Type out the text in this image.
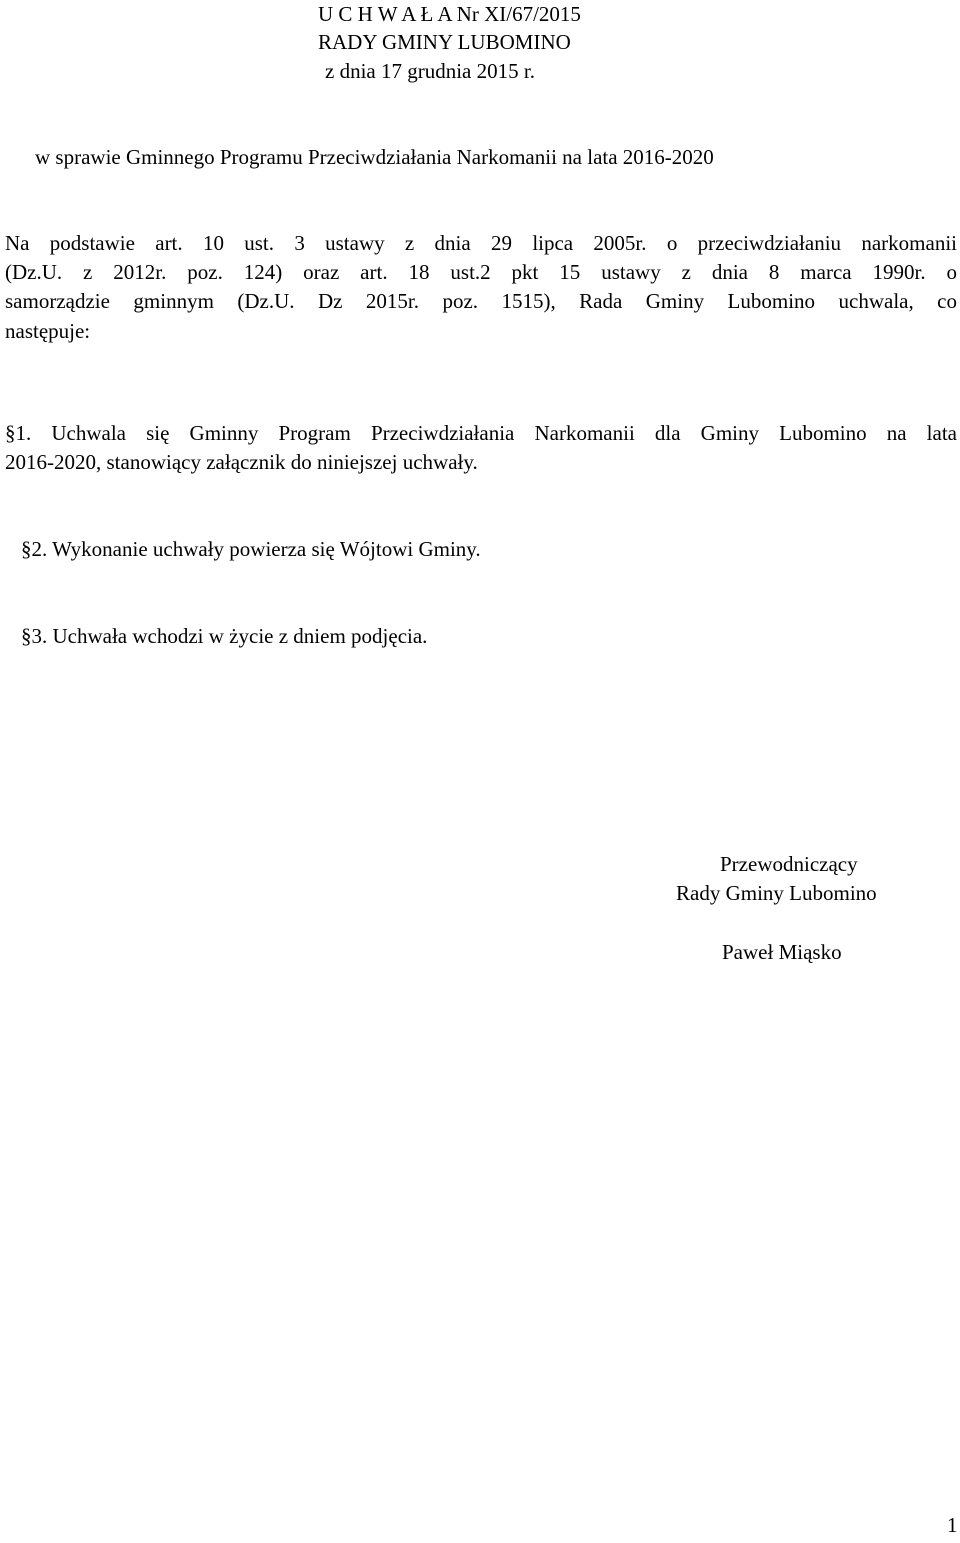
U C H W A Ł A Nr XI/67/2015
RADY GMINY LUBOMINO
z dnia 17 grudnia 2015 r.
w sprawie Gminnego Programu Przeciwdziałania Narkomanii na lata 2016-2020
Na podstawie art. 10 ust. 3 ustawy z dnia 29 lipca 2005r. o przeciwdziałaniu narkomanii
(Dz.U. z 2012r. poz. 124) oraz art. 18 ust.2 pkt 15 ustawy z dnia 8 marca 1990r. o
samorządzie gminnym (Dz.U. Dz 2015r. poz. 1515), Rada Gminy Lubomino uchwala, co
następuje:
§1. Uchwala się Gminny Program Przeciwdziałania Narkomanii dla Gminy Lubomino na lata
2016-2020, stanowiący załącznik do niniejszej uchwały.
§2. Wykonanie uchwały powierza się Wójtowi Gminy.
§3. Uchwała wchodzi w życie z dniem podjęcia.
Przewodniczący
Rady Gminy Lubomino
Paweł Miąsko
1
